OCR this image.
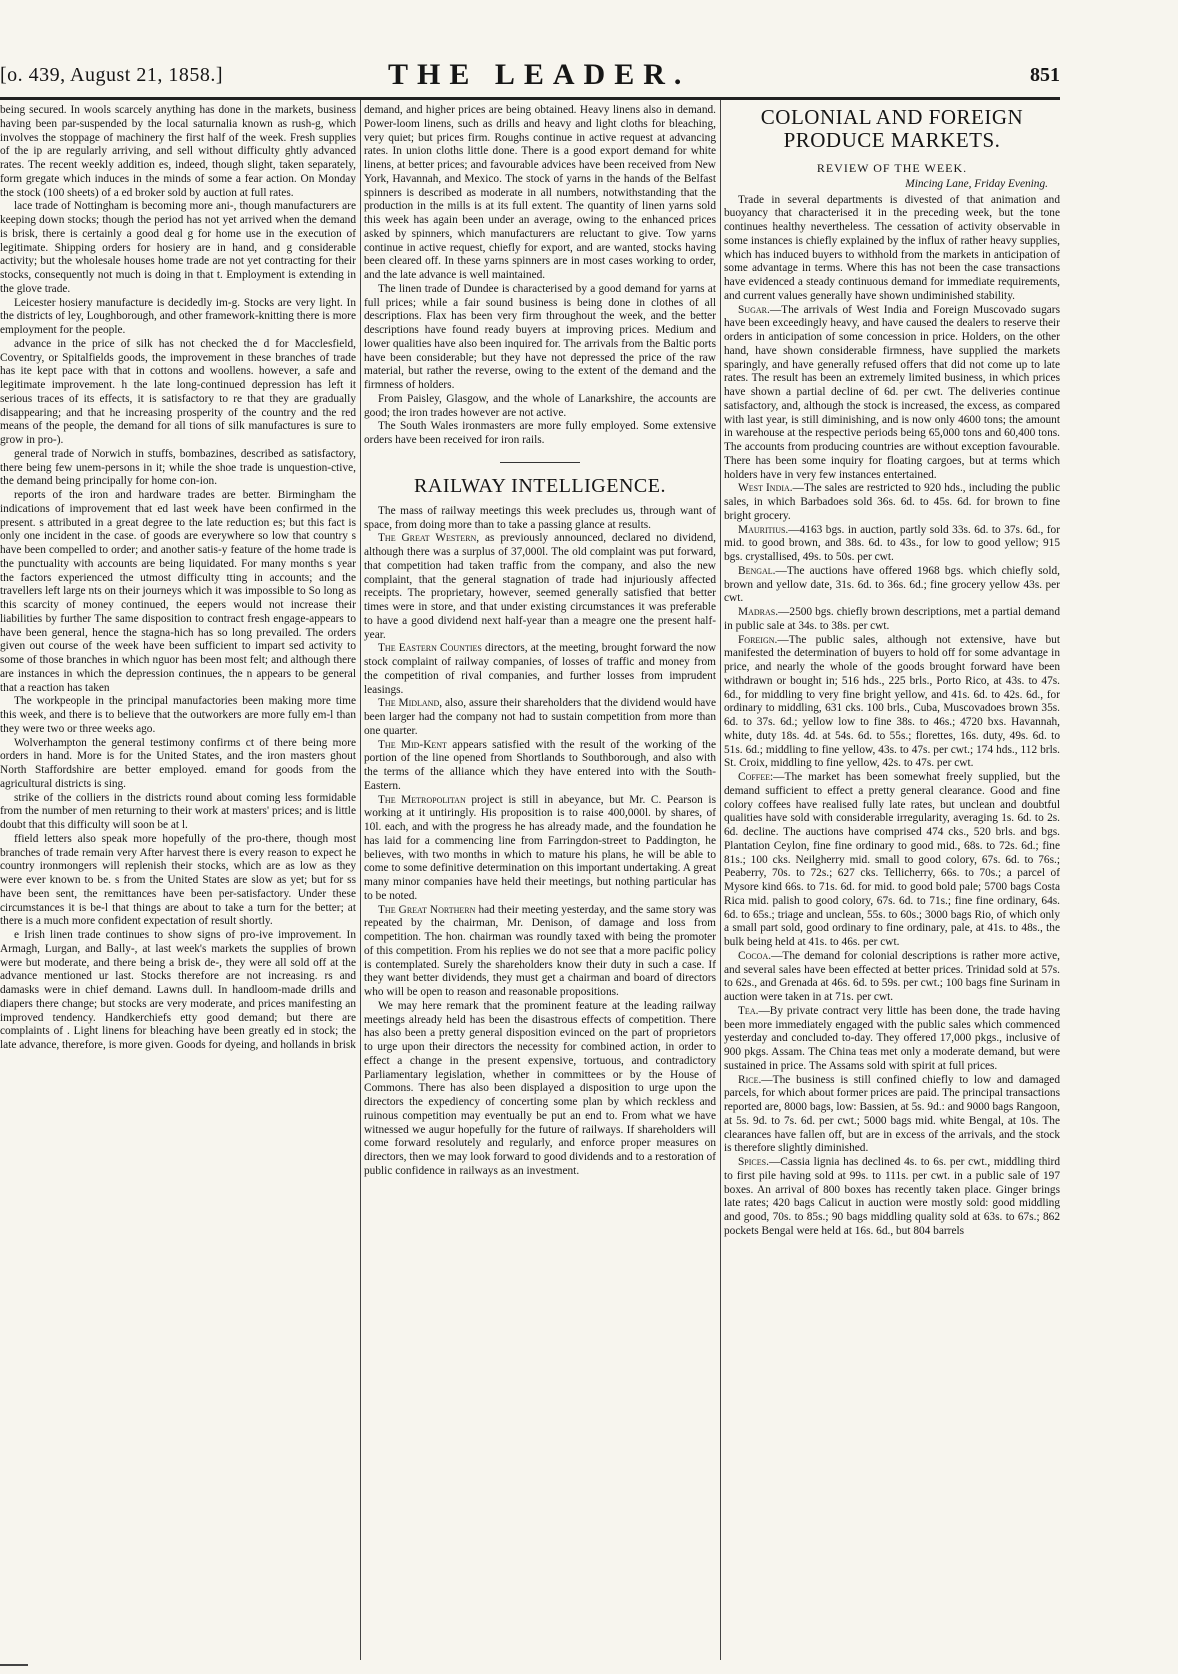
[o. 439, August 21, 1858.]	THE LEADER.	851

being secured. In wools scarcely anything has done in the markets, business having been par-suspended by the local saturnalia known as rush-g, which involves the stoppage of machinery the first half of the week. Fresh supplies of the ip are regularly arriving, and sell without difficulty ghtly advanced rates. The recent weekly addition es, indeed, though slight, taken separately, form gregate which induces in the minds of some a fear action. On Monday the stock (100 sheets) of a ed broker sold by auction at full rates.

lace trade of Nottingham is becoming more ani-, though manufacturers are keeping down stocks; though the period has not yet arrived when the demand is brisk, there is certainly a good deal g for home use in the execution of legitimate. Shipping orders for hosiery are in hand, and g considerable activity; but the wholesale houses home trade are not yet contracting for their stocks, consequently not much is doing in that t. Employment is extending in the glove trade.

Leicester hosiery manufacture is decidedly im-g. Stocks are very light. In the districts of ley, Loughborough, and other framework-knitting there is more employment for the people.

advance in the price of silk has not checked the d for Macclesfield, Coventry, or Spitalfields goods, the improvement in these branches of trade has ite kept pace with that in cottons and woollens. however, a safe and legitimate improvement. h the late long-continued depression has left it serious traces of its effects, it is satisfactory to re that they are gradually disappearing; and that he increasing prosperity of the country and the red means of the people, the demand for all tions of silk manufactures is sure to grow in pro-).

general trade of Norwich in stuffs, bombazines, described as satisfactory, there being few unem-persons in it; while the shoe trade is unquestion-ctive, the demand being principally for home con-ion.

reports of the iron and hardware trades are better. Birmingham the indications of improvement that ed last week have been confirmed in the present. s attributed in a great degree to the late reduction es; but this fact is only one incident in the case. of goods are everywhere so low that country s have been compelled to order; and another satis-y feature of the home trade is the punctuality with accounts are being liquidated. For many months s year the factors experienced the utmost difficulty tting in accounts; and the travellers left large nts on their journeys which it was impossible to So long as this scarcity of money continued, the eepers would not increase their liabilities by further The same disposition to contract fresh engage-appears to have been general, hence the stagna-hich has so long prevailed. The orders given out course of the week have been sufficient to impart sed activity to some of those branches in which nguor has been most felt; and although there are instances in which the depression continues, the n appears to be general that a reaction has taken

The workpeople in the principal manufactories been making more time this week, and there is to believe that the outworkers are more fully em-l than they were two or three weeks ago.

Wolverhampton the general testimony confirms ct of there being more orders in hand. More is for the United States, and the iron masters ghout North Staffordshire are better employed. emand for goods from the agricultural districts is sing.

strike of the colliers in the districts round about coming less formidable from the number of men returning to their work at masters' prices; and is little doubt that this difficulty will soon be at l.

ffield letters also speak more hopefully of the pro-there, though most branches of trade remain very After harvest there is every reason to expect he country ironmongers will replenish their stocks, which are as low as they were ever known to be. s from the United States are slow as yet; but for ss have been sent, the remittances have been per-satisfactory. Under these circumstances it is be-l that things are about to take a turn for the better; at there is a much more confident expectation of result shortly.

e Irish linen trade continues to show signs of pro-ive improvement. In Armagh, Lurgan, and Bally-, at last week's markets the supplies of brown were but moderate, and there being a brisk de-, they were all sold off at the advance mentioned ur last. Stocks therefore are not increasing. rs and damasks were in chief demand. Lawns dull. In handloom-made drills and diapers there change; but stocks are very moderate, and prices manifesting an improved tendency. Handkerchiefs etty good demand; but there are complaints of . Light linens for bleaching have been greatly ed in stock; the late advance, therefore, is more given. Goods for dyeing, and hollands in brisk

demand, and higher prices are being obtained. Heavy linens also in demand. Power-loom linens, such as drills and heavy and light cloths for bleaching, very quiet; but prices firm. Roughs continue in active request at advancing rates. In union cloths little done. There is a good export demand for white linens, at better prices; and favourable advices have been received from New York, Havannah, and Mexico. The stock of yarns in the hands of the Belfast spinners is described as moderate in all numbers, notwithstanding that the production in the mills is at its full extent. The quantity of linen yarns sold this week has again been under an average, owing to the enhanced prices asked by spinners, which manufacturers are reluctant to give. Tow yarns continue in active request, chiefly for export, and are wanted, stocks having been cleared off. In these yarns spinners are in most cases working to order, and the late advance is well maintained.

The linen trade of Dundee is characterised by a good demand for yarns at full prices; while a fair sound business is being done in clothes of all descriptions. Flax has been very firm throughout the week, and the better descriptions have found ready buyers at improving prices. Medium and lower qualities have also been inquired for. The arrivals from the Baltic ports have been considerable; but they have not depressed the price of the raw material, but rather the reverse, owing to the extent of the demand and the firmness of holders.

From Paisley, Glasgow, and the whole of Lanarkshire, the accounts are good; the iron trades however are not active.

The South Wales ironmasters are more fully employed. Some extensive orders have been received for iron rails.

RAILWAY INTELLIGENCE.

The mass of railway meetings this week precludes us, through want of space, from doing more than to take a passing glance at results.

The Great Western, as previously announced, declared no dividend, although there was a surplus of 37,000l. The old complaint was put forward, that competition had taken traffic from the company, and also the new complaint, that the general stagnation of trade had injuriously affected receipts. The proprietary, however, seemed generally satisfied that better times were in store, and that under existing circumstances it was preferable to have a good dividend next half-year than a meagre one the present half-year.

The Eastern Counties directors, at the meeting, brought forward the now stock complaint of railway companies, of losses of traffic and money from the competition of rival companies, and further losses from imprudent leasings.

The Midland, also, assure their shareholders that the dividend would have been larger had the company not had to sustain competition from more than one quarter.

The Mid-Kent appears satisfied with the result of the working of the portion of the line opened from Shortlands to Southborough, and also with the terms of the alliance which they have entered into with the South-Eastern.

The Metropolitan project is still in abeyance, but Mr. C. Pearson is working at it untiringly. His proposition is to raise 400,000l. by shares, of 10l. each, and with the progress he has already made, and the foundation he has laid for a commencing line from Farringdon-street to Paddington, he believes, with two months in which to mature his plans, he will be able to come to some definitive determination on this important undertaking. A great many minor companies have held their meetings, but nothing particular has to be noted.

The Great Northern had their meeting yesterday, and the same story was repeated by the chairman, Mr. Denison, of damage and loss from competition. The hon. chairman was roundly taxed with being the promoter of this competition. From his replies we do not see that a more pacific policy is contemplated. Surely the shareholders know their duty in such a case. If they want better dividends, they must get a chairman and board of directors who will be open to reason and reasonable propositions.

We may here remark that the prominent feature at the leading railway meetings already held has been the disastrous effects of competition. There has also been a pretty general disposition evinced on the part of proprietors to urge upon their directors the necessity for combined action, in order to effect a change in the present expensive, tortuous, and contradictory Parliamentary legislation, whether in committees or by the House of Commons. There has also been displayed a disposition to urge upon the directors the expediency of concerting some plan by which reckless and ruinous competition may eventually be put an end to. From what we have witnessed we augur hopefully for the future of railways. If shareholders will come forward resolutely and regularly, and enforce proper measures on directors, then we may look forward to good dividends and to a restoration of public confidence in railways as an investment.

COLONIAL AND FOREIGN PRODUCE MARKETS.
REVIEW OF THE WEEK.
Mincing Lane, Friday Evening.

Trade in several departments is divested of that animation and buoyancy that characterised it in the preceding week, but the tone continues healthy nevertheless. The cessation of activity observable in some instances is chiefly explained by the influx of rather heavy supplies, which has induced buyers to withhold from the markets in anticipation of some advantage in terms. Where this has not been the case transactions have evidenced a steady continuous demand for immediate requirements, and current values generally have shown undiminished stability.

Sugar.—The arrivals of West India and Foreign Muscovado sugars have been exceedingly heavy, and have caused the dealers to reserve their orders in anticipation of some concession in price. Holders, on the other hand, have shown considerable firmness, have supplied the markets sparingly, and have generally refused offers that did not come up to late rates. The result has been an extremely limited business, in which prices have shown a partial decline of 6d. per cwt. The deliveries continue satisfactory, and, although the stock is increased, the excess, as compared with last year, is still diminishing, and is now only 4600 tons; the amount in warehouse at the respective periods being 65,000 tons and 60,400 tons. The accounts from producing countries are without exception favourable. There has been some inquiry for floating cargoes, but at terms which holders have in very few instances entertained.

West India.—The sales are restricted to 920 hds., including the public sales, in which Barbadoes sold 36s. 6d. to 45s. 6d. for brown to fine bright grocery.

Mauritius.—4163 bgs. in auction, partly sold 33s. 6d. to 37s. 6d., for mid. to good brown, and 38s. 6d. to 43s., for low to good yellow; 915 bgs. crystallised, 49s. to 50s. per cwt.

Bengal.—The auctions have offered 1968 bgs. which chiefly sold, brown and yellow date, 31s. 6d. to 36s. 6d.; fine grocery yellow 43s. per cwt.

Madras.—2500 bgs. chiefly brown descriptions, met a partial demand in public sale at 34s. to 38s. per cwt.

Foreign.—The public sales, although not extensive, have but manifested the determination of buyers to hold off for some advantage in price, and nearly the whole of the goods brought forward have been withdrawn or bought in; 516 hds., 225 brls., Porto Rico, at 43s. to 47s. 6d., for middling to very fine bright yellow, and 41s. 6d. to 42s. 6d., for ordinary to middling, 631 cks. 100 brls., Cuba, Muscovadoes brown 35s. 6d. to 37s. 6d.; yellow low to fine 38s. to 46s.; 4720 bxs. Havannah, white, duty 18s. 4d. at 54s. 6d. to 55s.; florettes, 16s. duty, 49s. 6d. to 51s. 6d.; middling to fine yellow, 43s. to 47s. per cwt.; 174 hds., 112 brls. St. Croix, middling to fine yellow, 42s. to 47s. per cwt.

Coffee:—The market has been somewhat freely supplied, but the demand sufficient to effect a pretty general clearance. Good and fine colory coffees have realised fully late rates, but unclean and doubtful qualities have sold with considerable irregularity, averaging 1s. 6d. to 2s. 6d. decline. The auctions have comprised 474 cks., 520 brls. and bgs. Plantation Ceylon, fine fine ordinary to good mid., 68s. to 72s. 6d.; fine 81s.; 100 cks. Neilgherry mid. small to good colory, 67s. 6d. to 76s.; Peaberry, 70s. to 72s.; 627 cks. Tellicherry, 66s. to 70s.; a parcel of Mysore kind 66s. to 71s. 6d. for mid. to good bold pale; 5700 bags Costa Rica mid. palish to good colory, 67s. 6d. to 71s.; fine fine ordinary, 64s. 6d. to 65s.; triage and unclean, 55s. to 60s.; 3000 bags Rio, of which only a small part sold, good ordinary to fine ordinary, pale, at 41s. to 48s., the bulk being held at 41s. to 46s. per cwt.

Cocoa.—The demand for colonial descriptions is rather more active, and several sales have been effected at better prices. Trinidad sold at 57s. to 62s., and Grenada at 46s. 6d. to 59s. per cwt.; 100 bags fine Surinam in auction were taken in at 71s. per cwt.

Tea.—By private contract very little has been done, the trade having been more immediately engaged with the public sales which commenced yesterday and concluded to-day. They offered 17,000 pkgs., inclusive of 900 pkgs. Assam. The China teas met only a moderate demand, but were sustained in price. The Assams sold with spirit at full prices.

Rice.—The business is still confined chiefly to low and damaged parcels, for which about former prices are paid. The principal transactions reported are, 8000 bags, low: Bassien, at 5s. 9d.: and 9000 bags Rangoon, at 5s. 9d. to 7s. 6d. per cwt.; 5000 bags mid. white Bengal, at 10s. The clearances have fallen off, but are in excess of the arrivals, and the stock is therefore slightly diminished.

Spices.—Cassia lignia has declined 4s. to 6s. per cwt., middling third to first pile having sold at 99s. to 111s. per cwt. in a public sale of 197 boxes. An arrival of 800 boxes has recently taken place. Ginger brings late rates; 420 bags Calicut in auction were mostly sold: good middling and good, 70s. to 85s.; 90 bags middling quality sold at 63s. to 67s.; 862 pockets Bengal were held at 16s. 6d., but 804 barrels
